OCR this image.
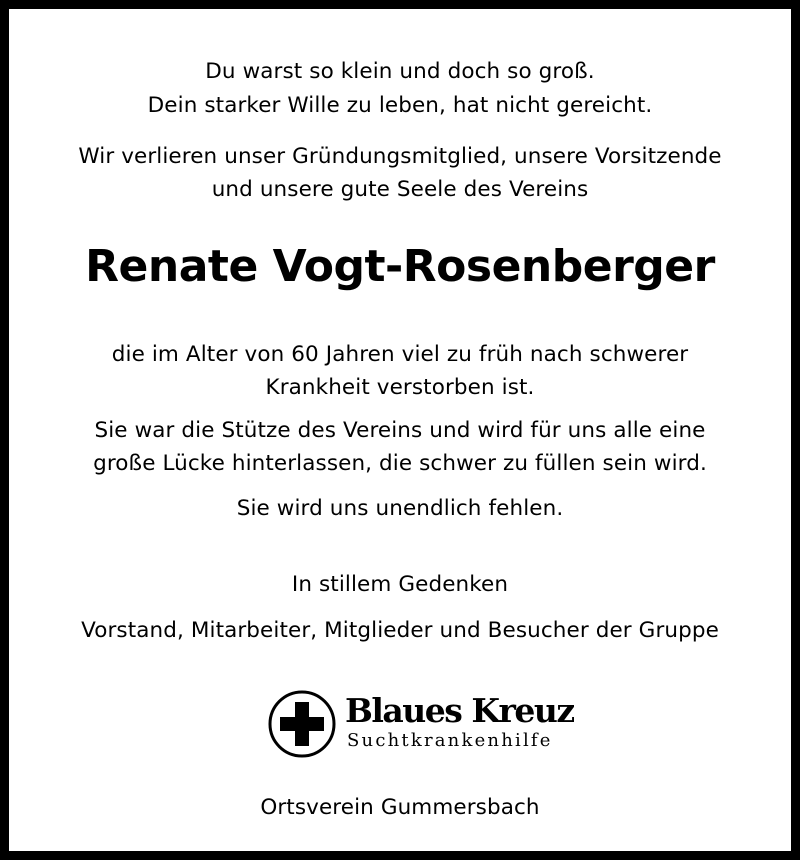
Du warst so klein und doch so groß.
Dein starker Wille zu leben, hat nicht gereicht.
Wir verlieren unser Gründungsmitglied, unsere Vorsitzende
und unsere gute Seele des Vereins
Renate Vogt-Rosenberger
die im Alter von 60 Jahren viel zu früh nach schwerer
Krankheit verstorben ist.
Sie war die Stütze des Vereins und wird für uns alle eine
große Lücke hinterlassen, die schwer zu füllen sein wird.
Sie wird uns unendlich fehlen.
In stillem Gedenken
Vorstand, Mitarbeiter, Mitglieder und Besucher der Gruppe
Blaues Kreuz
Suchtkrankenhilfe
Ortsverein Gummersbach
